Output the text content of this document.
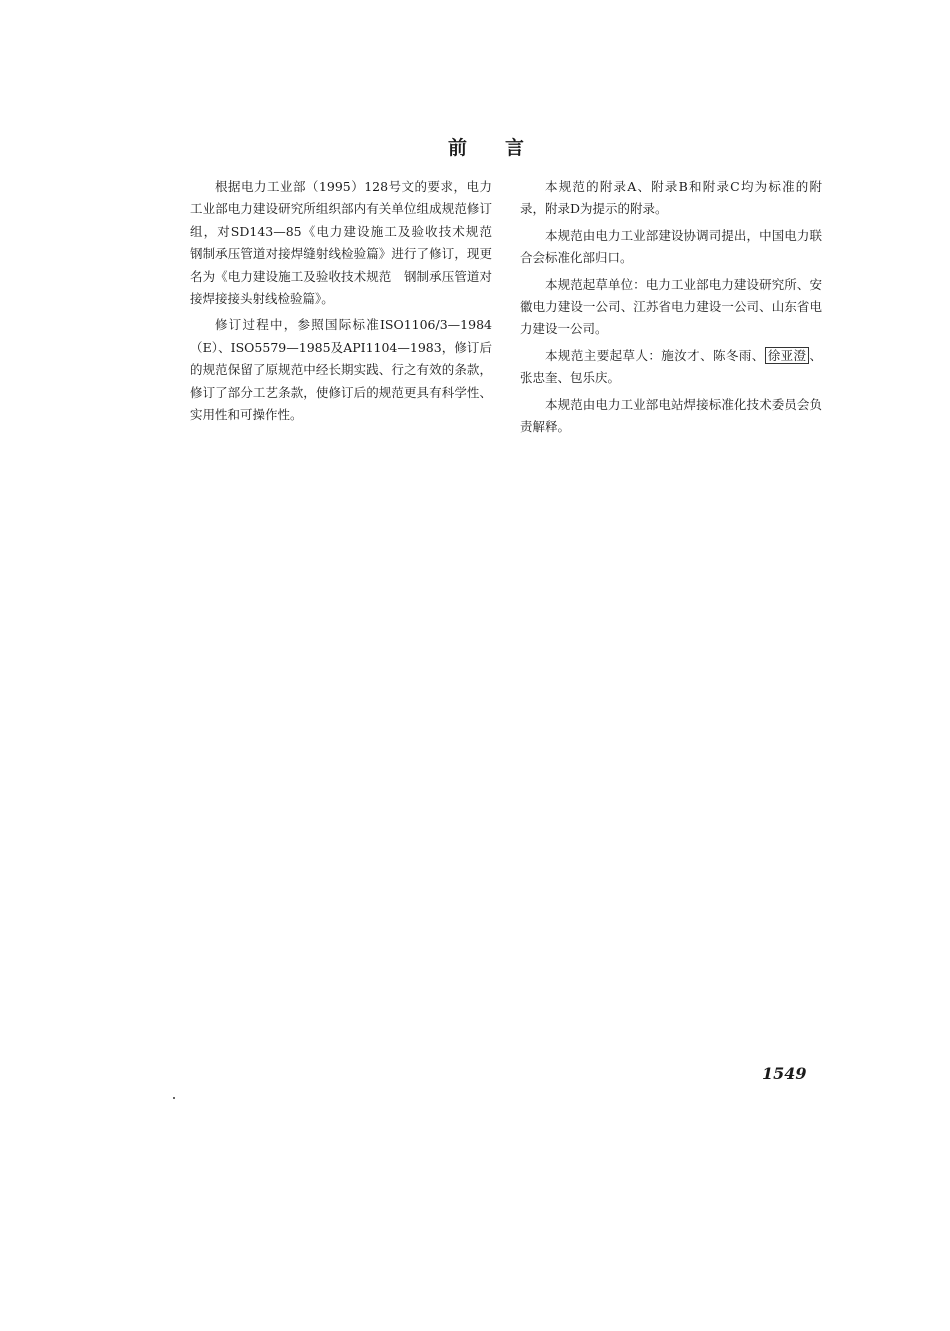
前言

根据电力工业部（1995）128号文的要求，电力工业部电力建设研究所组织部内有关单位组成规范修订组，对SD143—85《电力建设施工及验收技术规范　钢制承压管道对接焊缝射线检验篇》进行了修订，现更名为《电力建设施工及验收技术规范　钢制承压管道对接焊接接头射线检验篇》。

修订过程中，参照国际标准ISO1106/3—1984（E）、ISO5579—1985及API1104—1983，修订后的规范保留了原规范中经长期实践、行之有效的条款，修订了部分工艺条款，使修订后的规范更具有科学性、实用性和可操作性。

本规范的附录A、附录B和附录C均为标准的附录，附录D为提示的附录。

本规范由电力工业部建设协调司提出，中国电力联合会标准化部归口。

本规范起草单位：电力工业部电力建设研究所、安徽电力建设一公司、江苏省电力建设一公司、山东省电力建设一公司。

本规范主要起草人：施汝才、陈冬雨、 徐亚澄 、张忠奎、包乐庆。

本规范由电力工业部电站焊接标准化技术委员会负责解释。

1549
